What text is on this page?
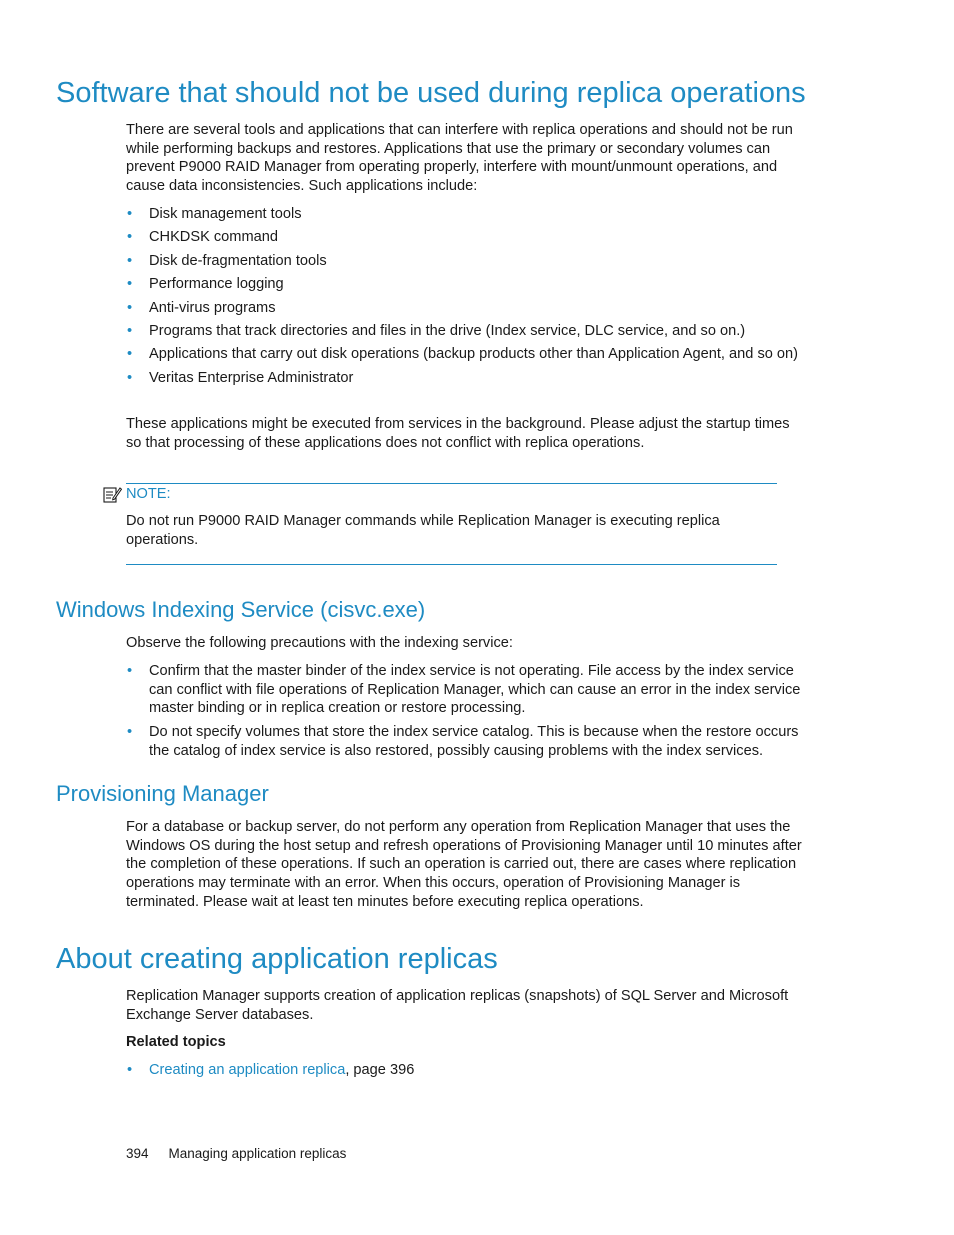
Software that should not be used during replica operations

There are several tools and applications that can interfere with replica operations and should not be run while performing backups and restores. Applications that use the primary or secondary volumes can prevent P9000 RAID Manager from operating properly, interfere with mount/unmount operations, and cause data inconsistencies. Such applications include:

• Disk management tools
• CHKDSK command
• Disk de-fragmentation tools
• Performance logging
• Anti-virus programs
• Programs that track directories and files in the drive (Index service, DLC service, and so on.)
• Applications that carry out disk operations (backup products other than Application Agent, and so on)
• Veritas Enterprise Administrator

These applications might be executed from services in the background. Please adjust the startup times so that processing of these applications does not conflict with replica operations.

NOTE:

Do not run P9000 RAID Manager commands while Replication Manager is executing replica operations.

Windows Indexing Service (cisvc.exe)

Observe the following precautions with the indexing service:

• Confirm that the master binder of the index service is not operating. File access by the index service can conflict with file operations of Replication Manager, which can cause an error in the index service master binding or in replica creation or restore processing.
• Do not specify volumes that store the index service catalog. This is because when the restore occurs the catalog of index service is also restored, possibly causing problems with the index services.
Provisioning Manager

For a database or backup server, do not perform any operation from Replication Manager that uses the Windows OS during the host setup and refresh operations of Provisioning Manager until 10 minutes after the completion of these operations. If such an operation is carried out, there are cases where replication operations may terminate with an error. When this occurs, operation of Provisioning Manager is terminated. Please wait at least ten minutes before executing replica operations.

About creating application replicas

Replication Manager supports creation of application replicas (snapshots) of SQL Server and Microsoft Exchange Server databases.

Related topics

• Creating an application replica, page 396
394 Managing application replicas
